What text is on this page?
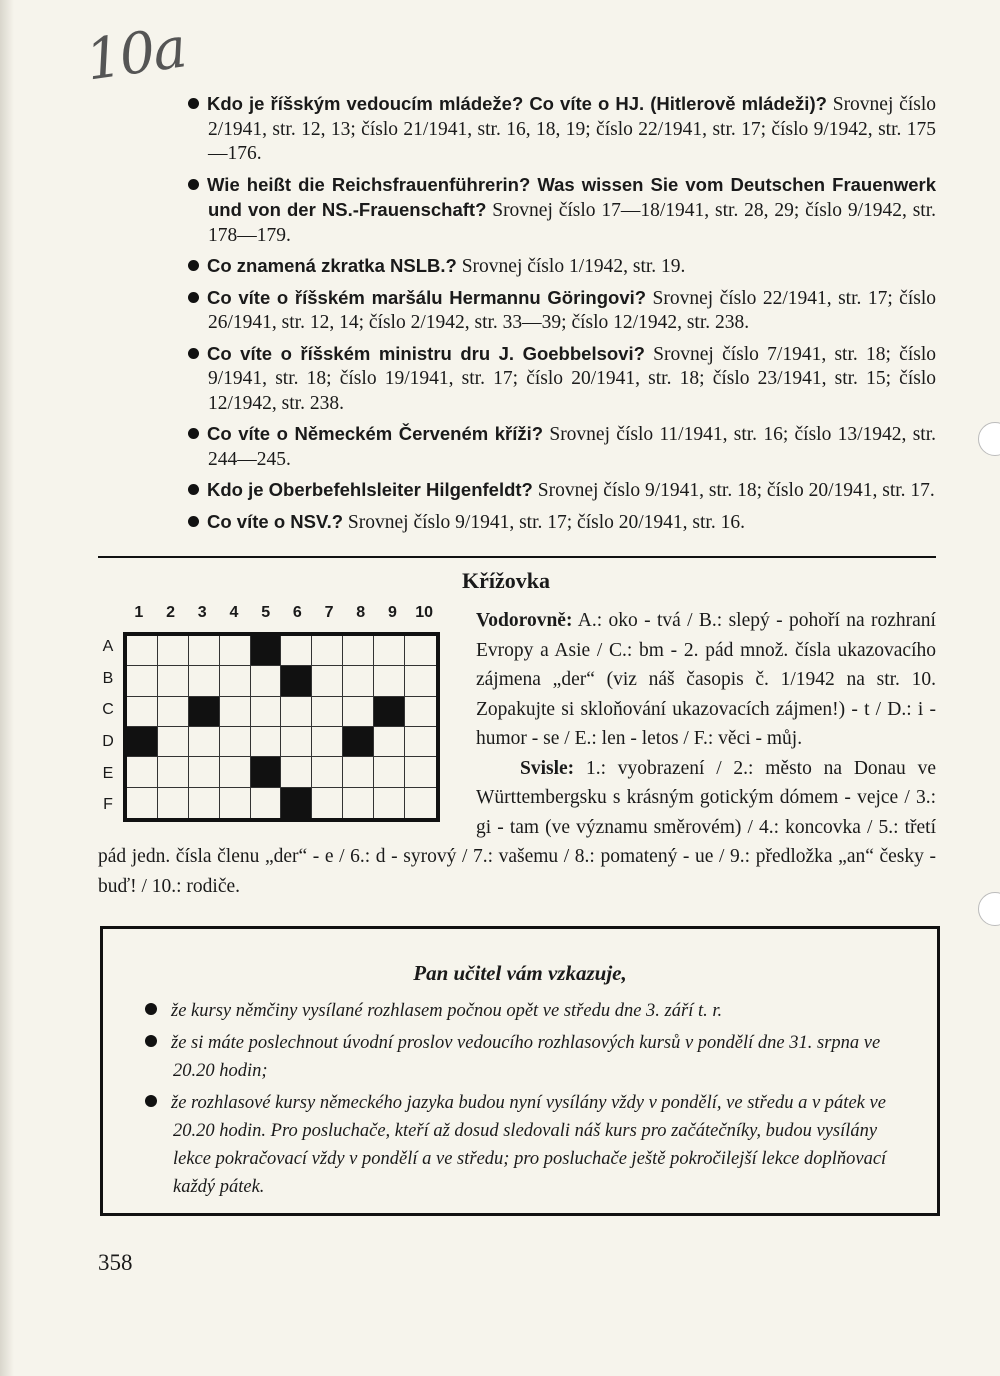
10a
Kdo je říšským vedoucím mládeže? Co víte o HJ. (Hitlerově mládeži)? Srovnej číslo 2/1941, str. 12, 13; číslo 21/1941, str. 16, 18, 19; číslo 22/1941, str. 17; číslo 9/1942, str. 175—176.
Wie heißt die Reichsfrauenführerin? Was wissen Sie vom Deutschen Frauenwerk und von der NS.-Frauenschaft? Srovnej číslo 17—18/1941, str. 28, 29; číslo 9/1942, str. 178—179.
Co znamená zkratka NSLB.? Srovnej číslo 1/1942, str. 19.
Co víte o říšském maršálu Hermannu Göringovi? Srovnej číslo 22/1941, str. 17; číslo 26/1941, str. 12, 14; číslo 2/1942, str. 33—39; číslo 12/1942, str. 238.
Co víte o říšském ministru dru J. Goebbelsovi? Srovnej číslo 7/1941, str. 18; číslo 9/1941, str. 18; číslo 19/1941, str. 17; číslo 20/1941, str. 18; číslo 23/1941, str. 15; číslo 12/1942, str. 238.
Co víte o Německém Červeném kříži? Srovnej číslo 11/1941, str. 16; číslo 13/1942, str. 244—245.
Kdo je Oberbefehlsleiter Hilgenfeldt? Srovnej číslo 9/1941, str. 18; číslo 20/1941, str. 17.
Co víte o NSV.? Srovnej číslo 9/1941, str. 17; číslo 20/1941, str. 16.
Křížovka

Vodorovně: A.: oko - tvá / B.: slepý - pohoří na rozhraní Evropy a Asie / C.: bm - 2. pád množ. čísla ukazovacího zájmena „der“ (viz náš časopis č. 1/1942 na str. 10. Zopakujte si skloňování ukazovacích zájmen!) - t / D.: i - humor - se / E.: len - letos / F.: věci - můj.

Svisle: 1.: vyobrazení / 2.: město na Donau ve Württembergsku s krásným gotickým dómem - vejce / 3.: gi - tam (ve významu směrovém) / 4.: koncovka / 5.: třetí pád jedn. čísla členu „der“ - e / 6.: d - syrový / 7.: vašemu / 8.: pomatený - ue / 9.: předložka „an“ česky - buď! / 10.: rodiče.

1	2	3	4	5	6	7	8	9	10
A
B
C
D
E
F
Pan učitel vám vzkazuje,
že kursy němčiny vysílané rozhlasem počnou opět ve středu dne 3. září t. r.
že si máte poslechnout úvodní proslov vedoucího rozhlasových kursů v pondělí dne 31. srpna ve 20.20 hodin;
že rozhlasové kursy německého jazyka budou nyní vysílány vždy v pondělí, ve středu a v pátek ve 20.20 hodin. Pro posluchače, kteří až dosud sledovali náš kurs pro začátečníky, budou vysílány lekce pokračovací vždy v pondělí a ve středu; pro posluchače ještě pokročilejší lekce doplňovací každý pátek.
358
